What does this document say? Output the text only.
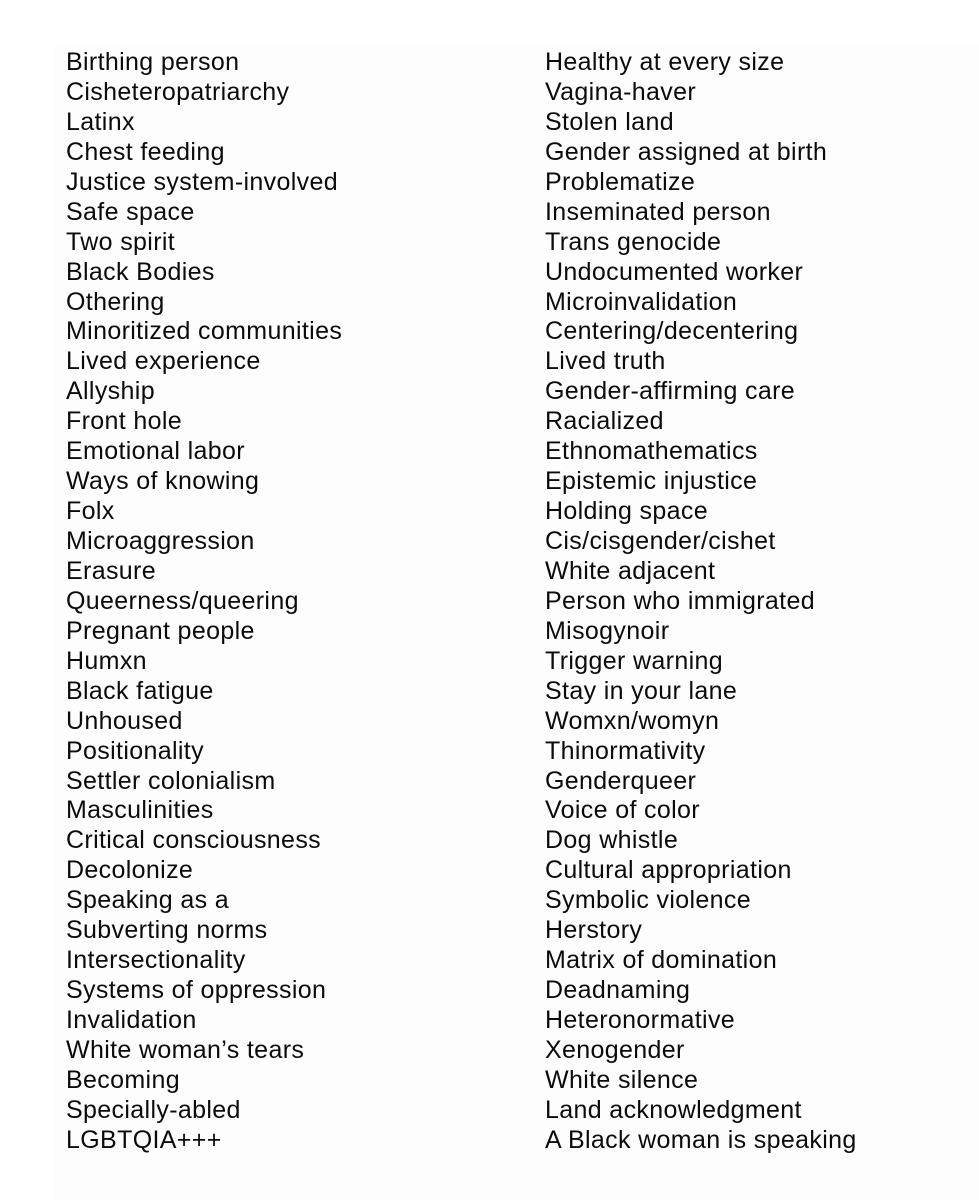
Birthing person
Cisheteropatriarchy
Latinx
Chest feeding
Justice system-involved
Safe space
Two spirit
Black Bodies
Othering
Minoritized communities
Lived experience
Allyship
Front hole
Emotional labor
Ways of knowing
Folx
Microaggression
Erasure
Queerness/queering
Pregnant people
Humxn
Black fatigue
Unhoused
Positionality
Settler colonialism
Masculinities
Critical consciousness
Decolonize
Speaking as a
Subverting norms
Intersectionality
Systems of oppression
Invalidation
White woman’s tears
Becoming
Specially-abled
LGBTQIA+++
Healthy at every size
Vagina-haver
Stolen land
Gender assigned at birth
Problematize
Inseminated person
Trans genocide
Undocumented worker
Microinvalidation
Centering/decentering
Lived truth
Gender-affirming care
Racialized
Ethnomathematics
Epistemic injustice
Holding space
Cis/cisgender/cishet
White adjacent
Person who immigrated
Misogynoir
Trigger warning
Stay in your lane
Womxn/womyn
Thinormativity
Genderqueer
Voice of color
Dog whistle
Cultural appropriation
Symbolic violence
Herstory
Matrix of domination
Deadnaming
Heteronormative
Xenogender
White silence
Land acknowledgment
A Black woman is speaking
